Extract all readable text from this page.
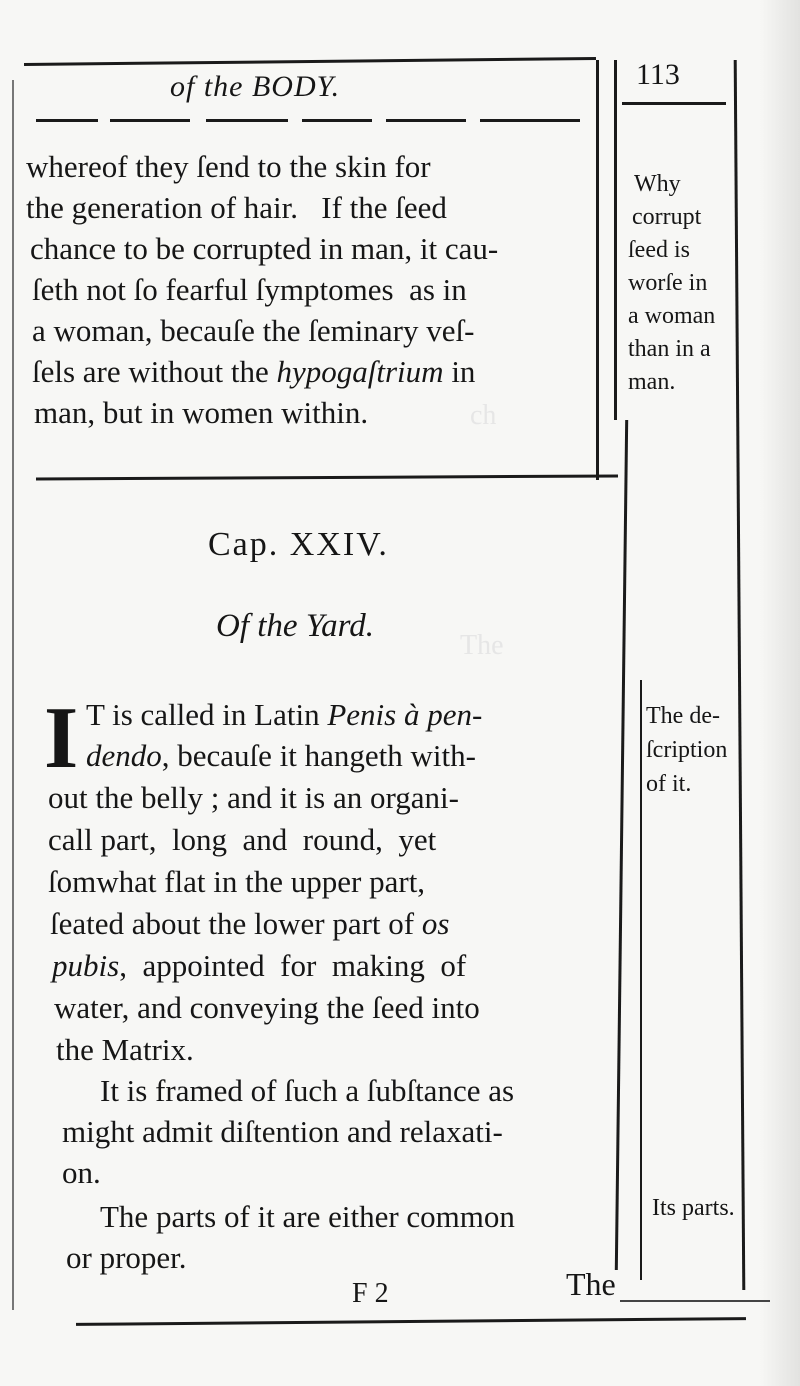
ch
The
of the BODY.	113
whereof they ſend to the skin for
the generation of hair.   If the ſeed
chance to be corrupted in man, it cau-
ſeth not ſo fearful ſymptomes  as in
a woman, becauſe the ſeminary veſ-
ſels are without the hypogaſtrium in
man, but in women within.
Why
corrupt
ſeed is
worſe in
a woman
than in a
man.
Cap. XXIV.
Of the Yard.
I T is called in Latin Penis à pen-
dendo, becauſe it hangeth with-
out the belly ; and it is an organi-
call part,  long  and  round,  yet
ſomwhat flat in the upper part,
ſeated about the lower part of os
pubis,  appointed  for  making  of
water, and conveying the ſeed into
the Matrix.
The de-
ſcription
of it.
It is framed of ſuch a ſubſtance as
might admit diſtention and relaxati-
on.
The parts of it are either common
or proper.
Its parts.
F 2	The
